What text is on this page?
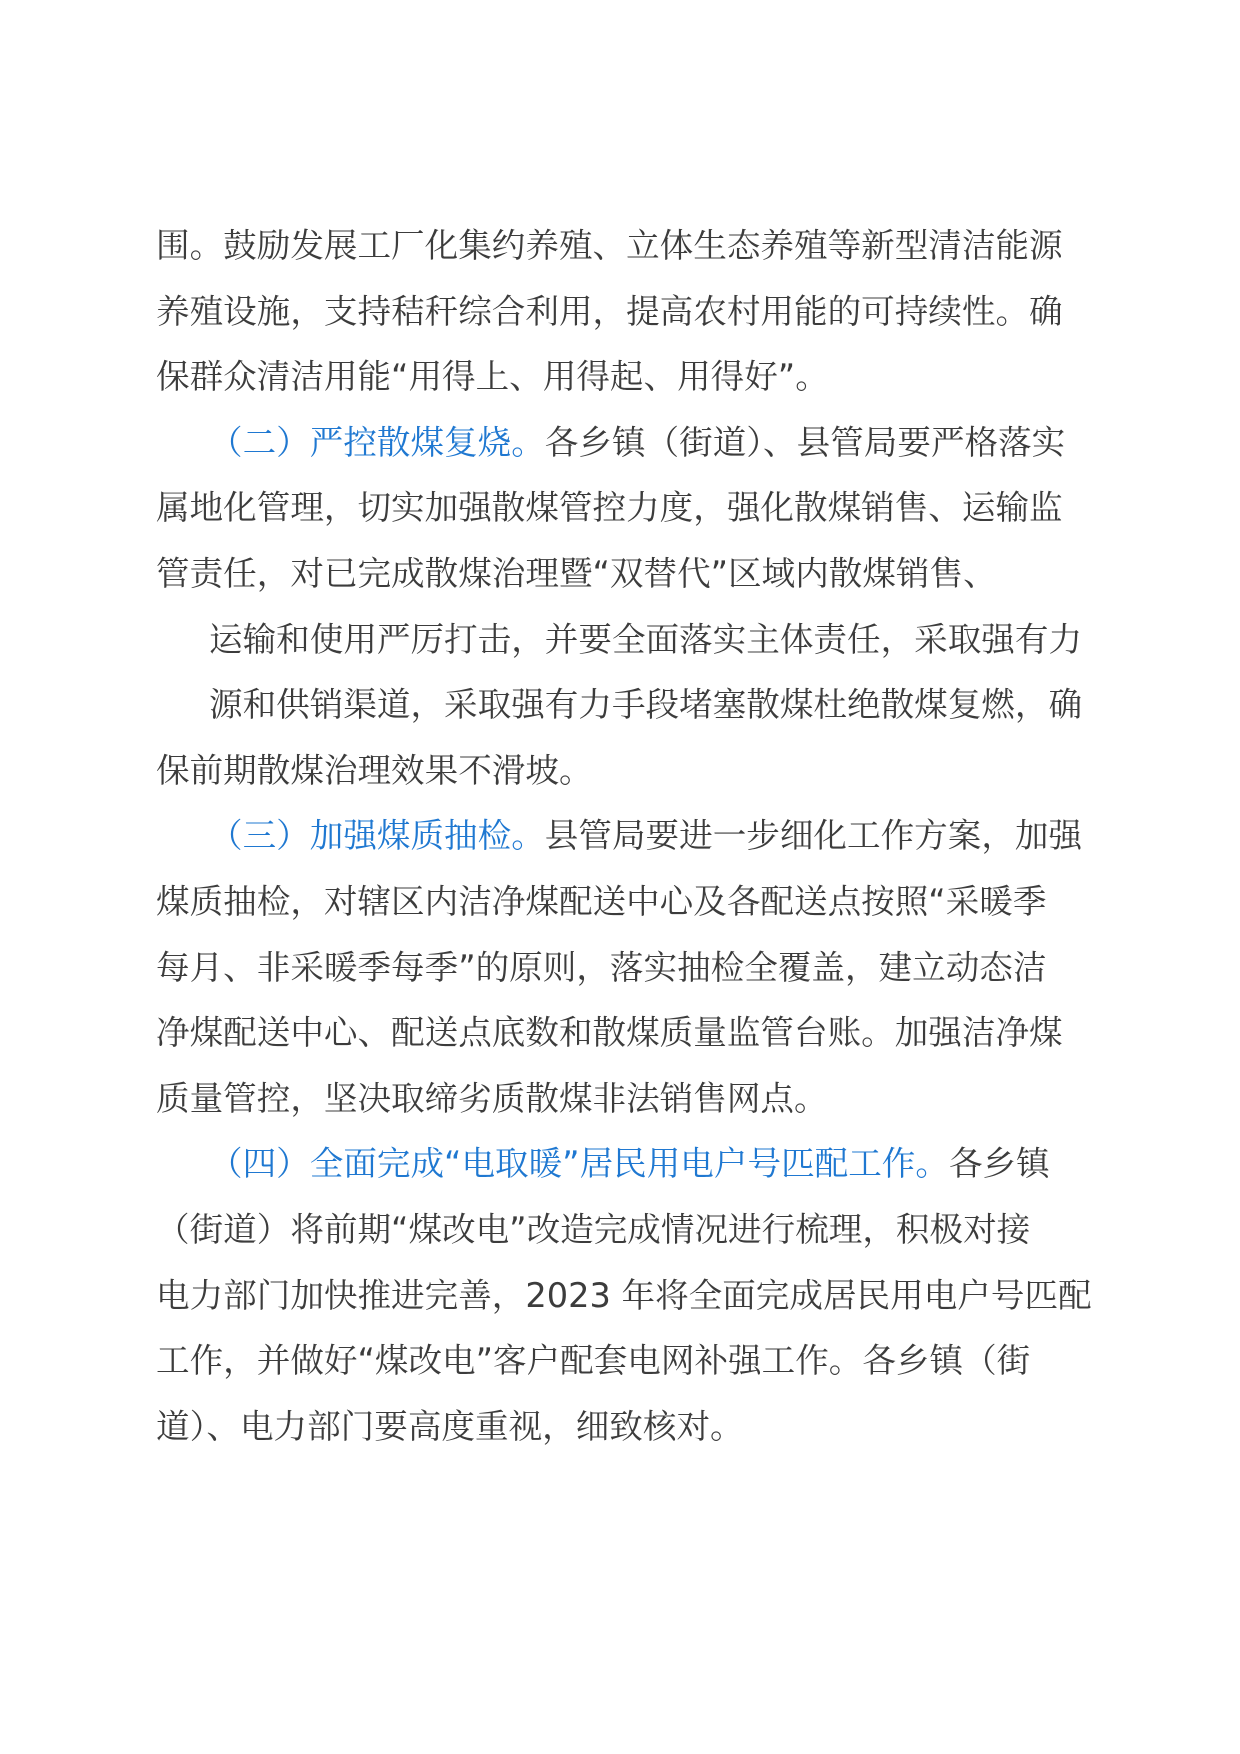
围。鼓励发展工厂化集约养殖、立体生态养殖等新型清洁能源
养殖设施，支持秸秆综合利用，提高农村用能的可持续性。确
保群众清洁用能“用得上、用得起、用得好”。
（二）严控散煤复烧。各乡镇（街道）、县管局要严格落实
属地化管理，切实加强散煤管控力度，强化散煤销售、运输监
管责任，对已完成散煤治理暨“双替代”区域内散煤销售、
运输和使用严厉打击，并要全面落实主体责任，采取强有力
源和供销渠道，采取强有力手段堵塞散煤杜绝散煤复燃，确
保前期散煤治理效果不滑坡。
（三）加强煤质抽检。县管局要进一步细化工作方案，加强
煤质抽检，对辖区内洁净煤配送中心及各配送点按照“采暖季
每月、非采暖季每季”的原则，落实抽检全覆盖，建立动态洁
净煤配送中心、配送点底数和散煤质量监管台账。加强洁净煤
质量管控，坚决取缔劣质散煤非法销售网点。
（四）全面完成“电取暖”居民用电户号匹配工作。各乡镇
（街道）将前期“煤改电”改造完成情况进行梳理，积极对接
电力部门加快推进完善，2023 年将全面完成居民用电户号匹配
工作，并做好“煤改电”客户配套电网补强工作。各乡镇（街
道）、电力部门要高度重视，细致核对。
